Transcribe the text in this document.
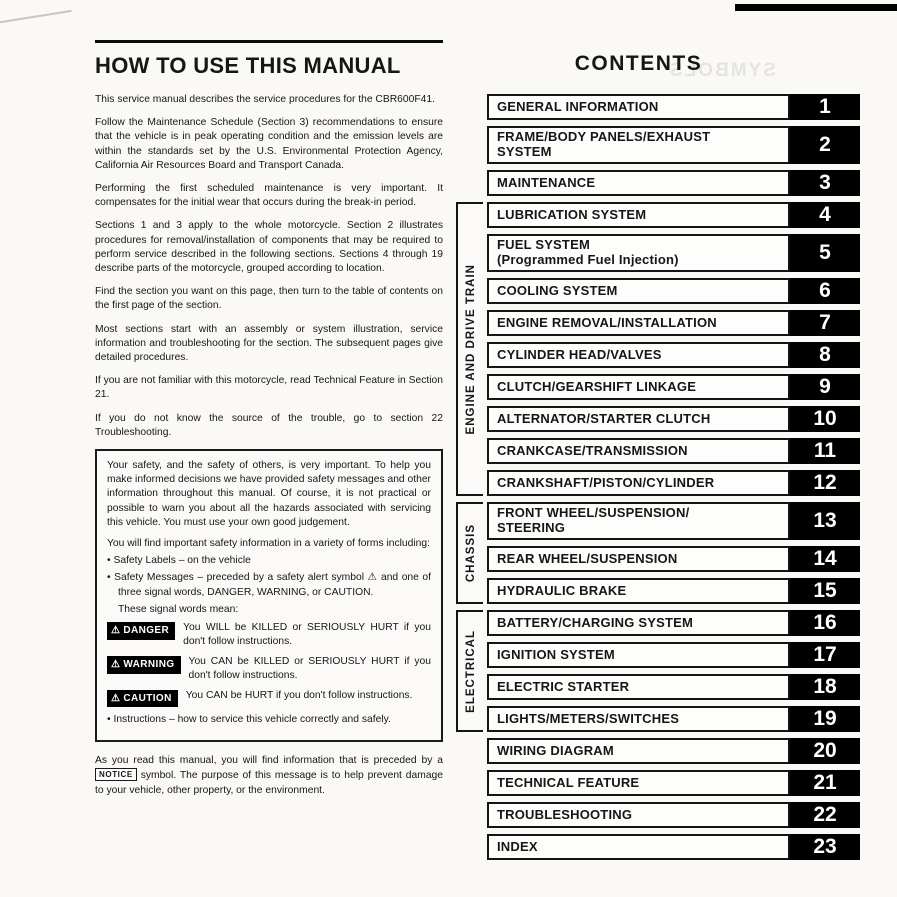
SYMBOLS
HOW TO USE THIS MANUAL

This service manual describes the service procedures for the CBR600F41.

Follow the Maintenance Schedule (Section 3) recommendations to ensure that the vehicle is in peak operating condition and the emission levels are within the standards set by the U.S. Environmental Protection Agency, California Air Resources Board and Transport Canada.

Performing the first scheduled maintenance is very important. It compensates for the initial wear that occurs during the break-in period.

Sections 1 and 3 apply to the whole motorcycle. Section 2 illustrates procedures for removal/installation of components that may be required to perform service described in the following sections. Sections 4 through 19 describe parts of the motorcycle, grouped according to location.

Find the section you want on this page, then turn to the table of contents on the first page of the section.

Most sections start with an assembly or system illustration, service information and troubleshooting for the section. The subsequent pages give detailed procedures.

If you are not familiar with this motorcycle, read Technical Feature in Section 21.

If you do not know the source of the trouble, go to section 22 Troubleshooting.

Your safety, and the safety of others, is very important. To help you make informed decisions we have provided safety messages and other information throughout this manual. Of course, it is not practical or possible to warn you about all the hazards associated with servicing this vehicle. You must use your own good judgement.

You will find important safety information in a variety of forms including:

• Safety Labels – on the vehicle
• Safety Messages – preceded by a safety alert symbol ⚠ and one of three signal words, DANGER, WARNING, or CAUTION.

These signal words mean:

⚠ DANGER You WILL be KILLED or SERIOUSLY HURT if you don't follow instructions.
⚠ WARNING You CAN be KILLED or SERIOUSLY HURT if you don't follow instructions.
⚠ CAUTION You CAN be HURT if you don't follow instructions.
• Instructions – how to service this vehicle correctly and safely.

As you read this manual, you will find information that is preceded by a NOTICE symbol. The purpose of this message is to help prevent damage to your vehicle, other property, or the environment.

CONTENTS
GENERAL INFORMATION	1
FRAME/BODY PANELS/EXHAUST
SYSTEM	2
MAINTENANCE	3
ENGINE AND DRIVE TRAIN
LUBRICATION SYSTEM	4
FUEL SYSTEM
(Programmed Fuel Injection)	5
COOLING SYSTEM	6
ENGINE REMOVAL/INSTALLATION	7
CYLINDER HEAD/VALVES	8
CLUTCH/GEARSHIFT LINKAGE	9
ALTERNATOR/STARTER CLUTCH	10
CRANKCASE/TRANSMISSION	11
CRANKSHAFT/PISTON/CYLINDER	12
CHASSIS
FRONT WHEEL/SUSPENSION/
STEERING	13
REAR WHEEL/SUSPENSION	14
HYDRAULIC BRAKE	15
ELECTRICAL
BATTERY/CHARGING SYSTEM	16
IGNITION SYSTEM	17
ELECTRIC STARTER	18
LIGHTS/METERS/SWITCHES	19
WIRING DIAGRAM	20
TECHNICAL FEATURE	21
TROUBLESHOOTING	22
INDEX	23
